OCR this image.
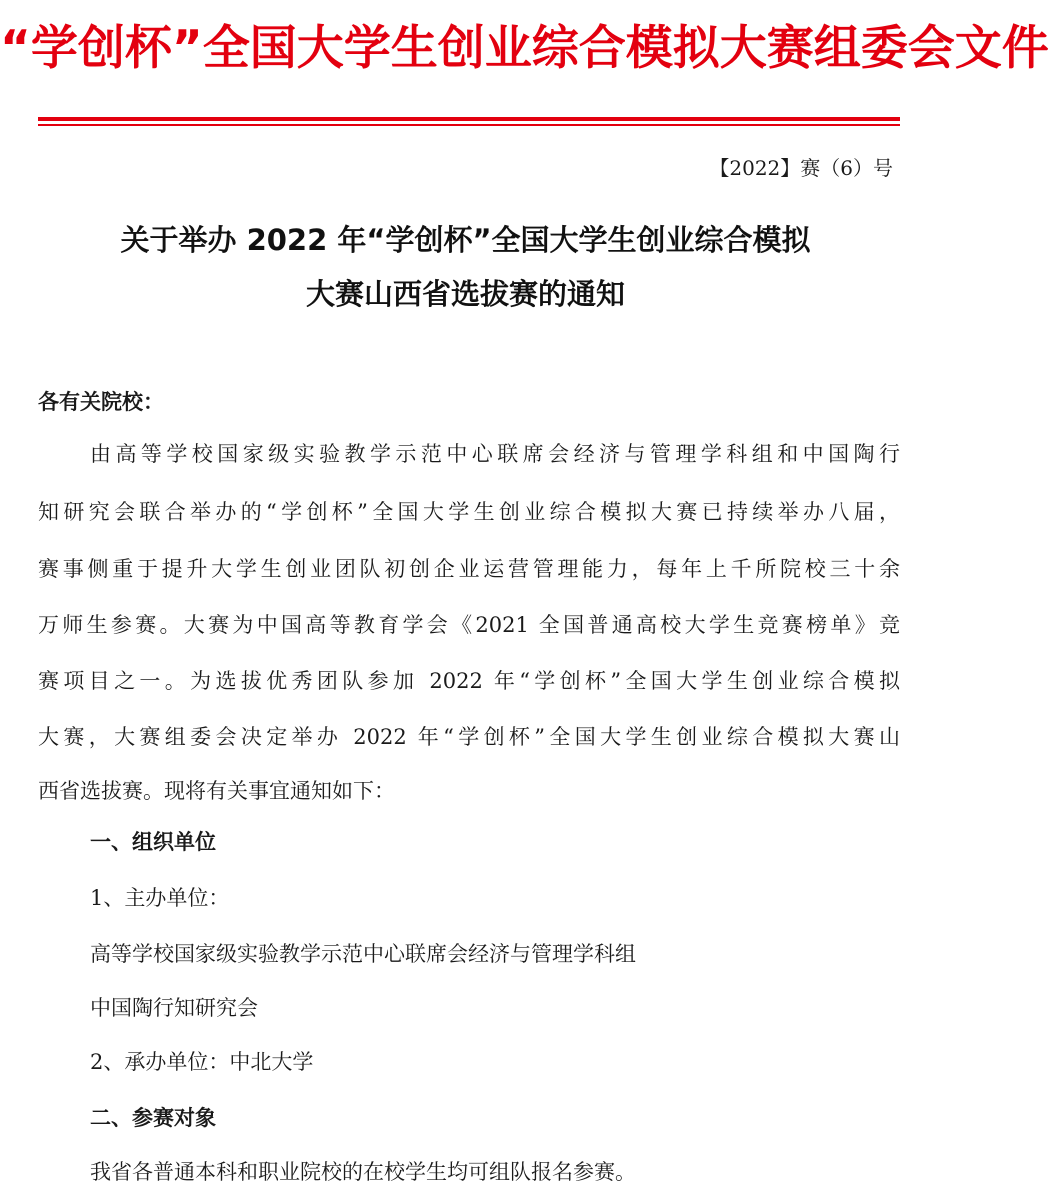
“学创杯”全国大学生创业综合模拟大赛组委会文件
【2022】赛（6）号
关于举办 2022 年“学创杯”全国大学生创业综合模拟
大赛山西省选拔赛的通知
各有关院校：
由高等学校国家级实验教学示范中心联席会经济与管理学科组和中国陶行
知研究会联合举办的“学创杯”全国大学生创业综合模拟大赛已持续举办八届，
赛事侧重于提升大学生创业团队初创企业运营管理能力，每年上千所院校三十余
万师生参赛。大赛为中国高等教育学会《2021 全国普通高校大学生竞赛榜单》竞
赛项目之一。为选拔优秀团队参加 2022 年“学创杯”全国大学生创业综合模拟
大赛，大赛组委会决定举办 2022 年“学创杯”全国大学生创业综合模拟大赛山
西省选拔赛。现将有关事宜通知如下：
一、组织单位
1、主办单位：
高等学校国家级实验教学示范中心联席会经济与管理学科组
中国陶行知研究会
2、承办单位：中北大学
二、参赛对象
我省各普通本科和职业院校的在校学生均可组队报名参赛。
